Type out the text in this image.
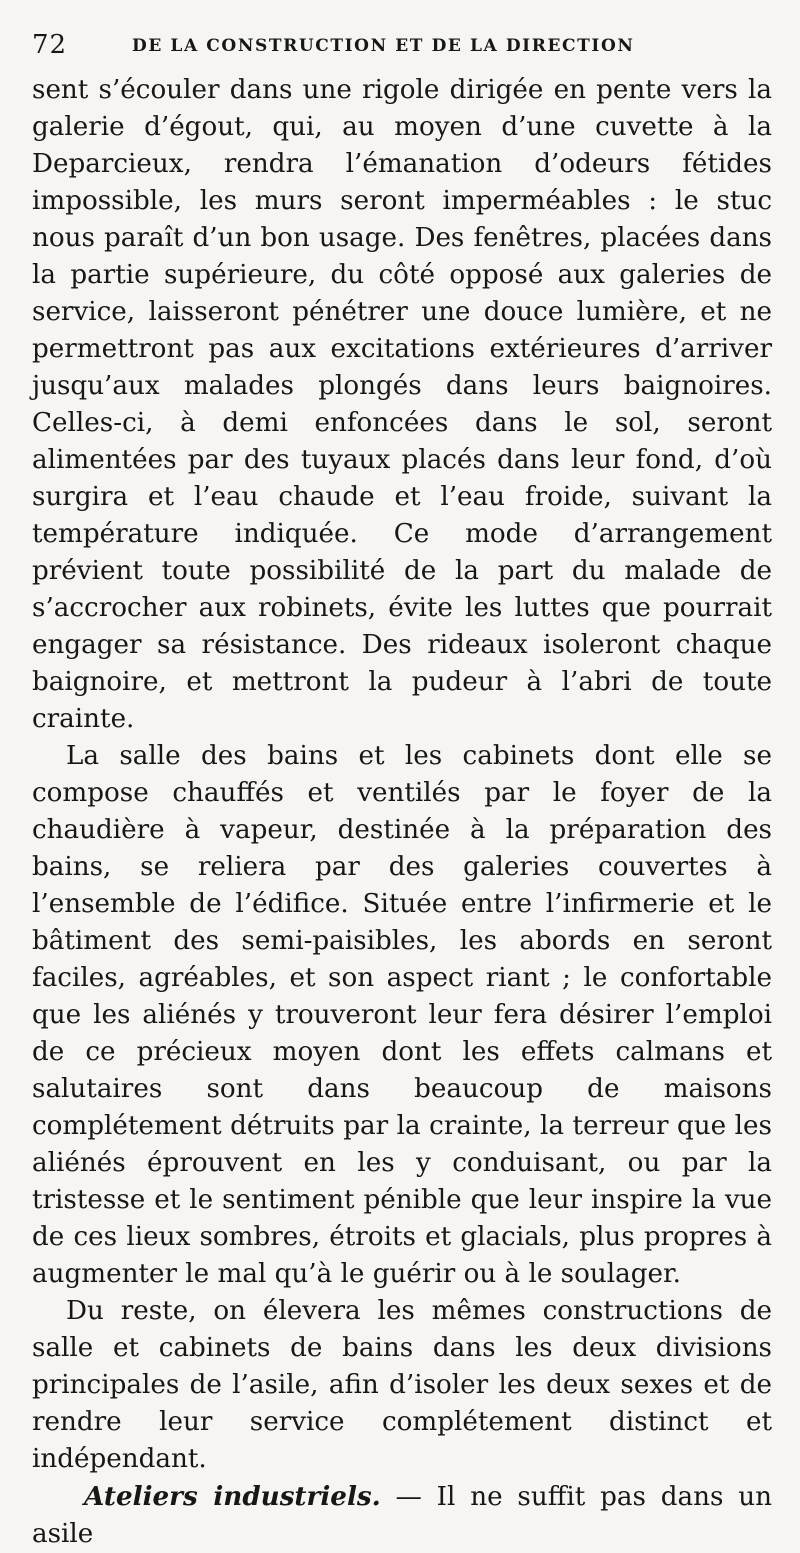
72	DE LA CONSTRUCTION ET DE LA DIRECTION

sent s’écouler dans une rigole dirigée en pente vers la galerie d’égout, qui, au moyen d’une cuvette à la Deparcieux, rendra l’émanation d’odeurs fétides impossible, les murs seront imperméables : le stuc nous paraît d’un bon usage. Des fenêtres, placées dans la partie supérieure, du côté opposé aux galeries de service, laisseront pénétrer une douce lumière, et ne permettront pas aux excitations extérieures d’arriver jusqu’aux malades plongés dans leurs baignoires. Celles-ci, à demi enfoncées dans le sol, seront alimentées par des tuyaux placés dans leur fond, d’où surgira et l’eau chaude et l’eau froide, suivant la température indiquée. Ce mode d’arrangement prévient toute possibilité de la part du malade de s’accrocher aux robinets, évite les luttes que pourrait engager sa résistance. Des rideaux isoleront chaque baignoire, et mettront la pudeur à l’abri de toute crainte.

La salle des bains et les cabinets dont elle se compose chauffés et ventilés par le foyer de la chaudière à vapeur, destinée à la préparation des bains, se reliera par des galeries couvertes à l’ensemble de l’édifice. Située entre l’infirmerie et le bâtiment des semi-paisibles, les abords en seront faciles, agréables, et son aspect riant ; le confortable que les aliénés y trouveront leur fera désirer l’emploi de ce précieux moyen dont les effets calmans et salutaires sont dans beaucoup de maisons complétement détruits par la crainte, la terreur que les aliénés éprouvent en les y conduisant, ou par la tristesse et le sentiment pénible que leur inspire la vue de ces lieux sombres, étroits et glacials, plus propres à augmenter le mal qu’à le guérir ou à le soulager.

Du reste, on élevera les mêmes constructions de salle et cabinets de bains dans les deux divisions principales de l’asile, afin d’isoler les deux sexes et de rendre leur service complétement distinct et indépendant.

Ateliers industriels. — Il ne suffit pas dans un asile
